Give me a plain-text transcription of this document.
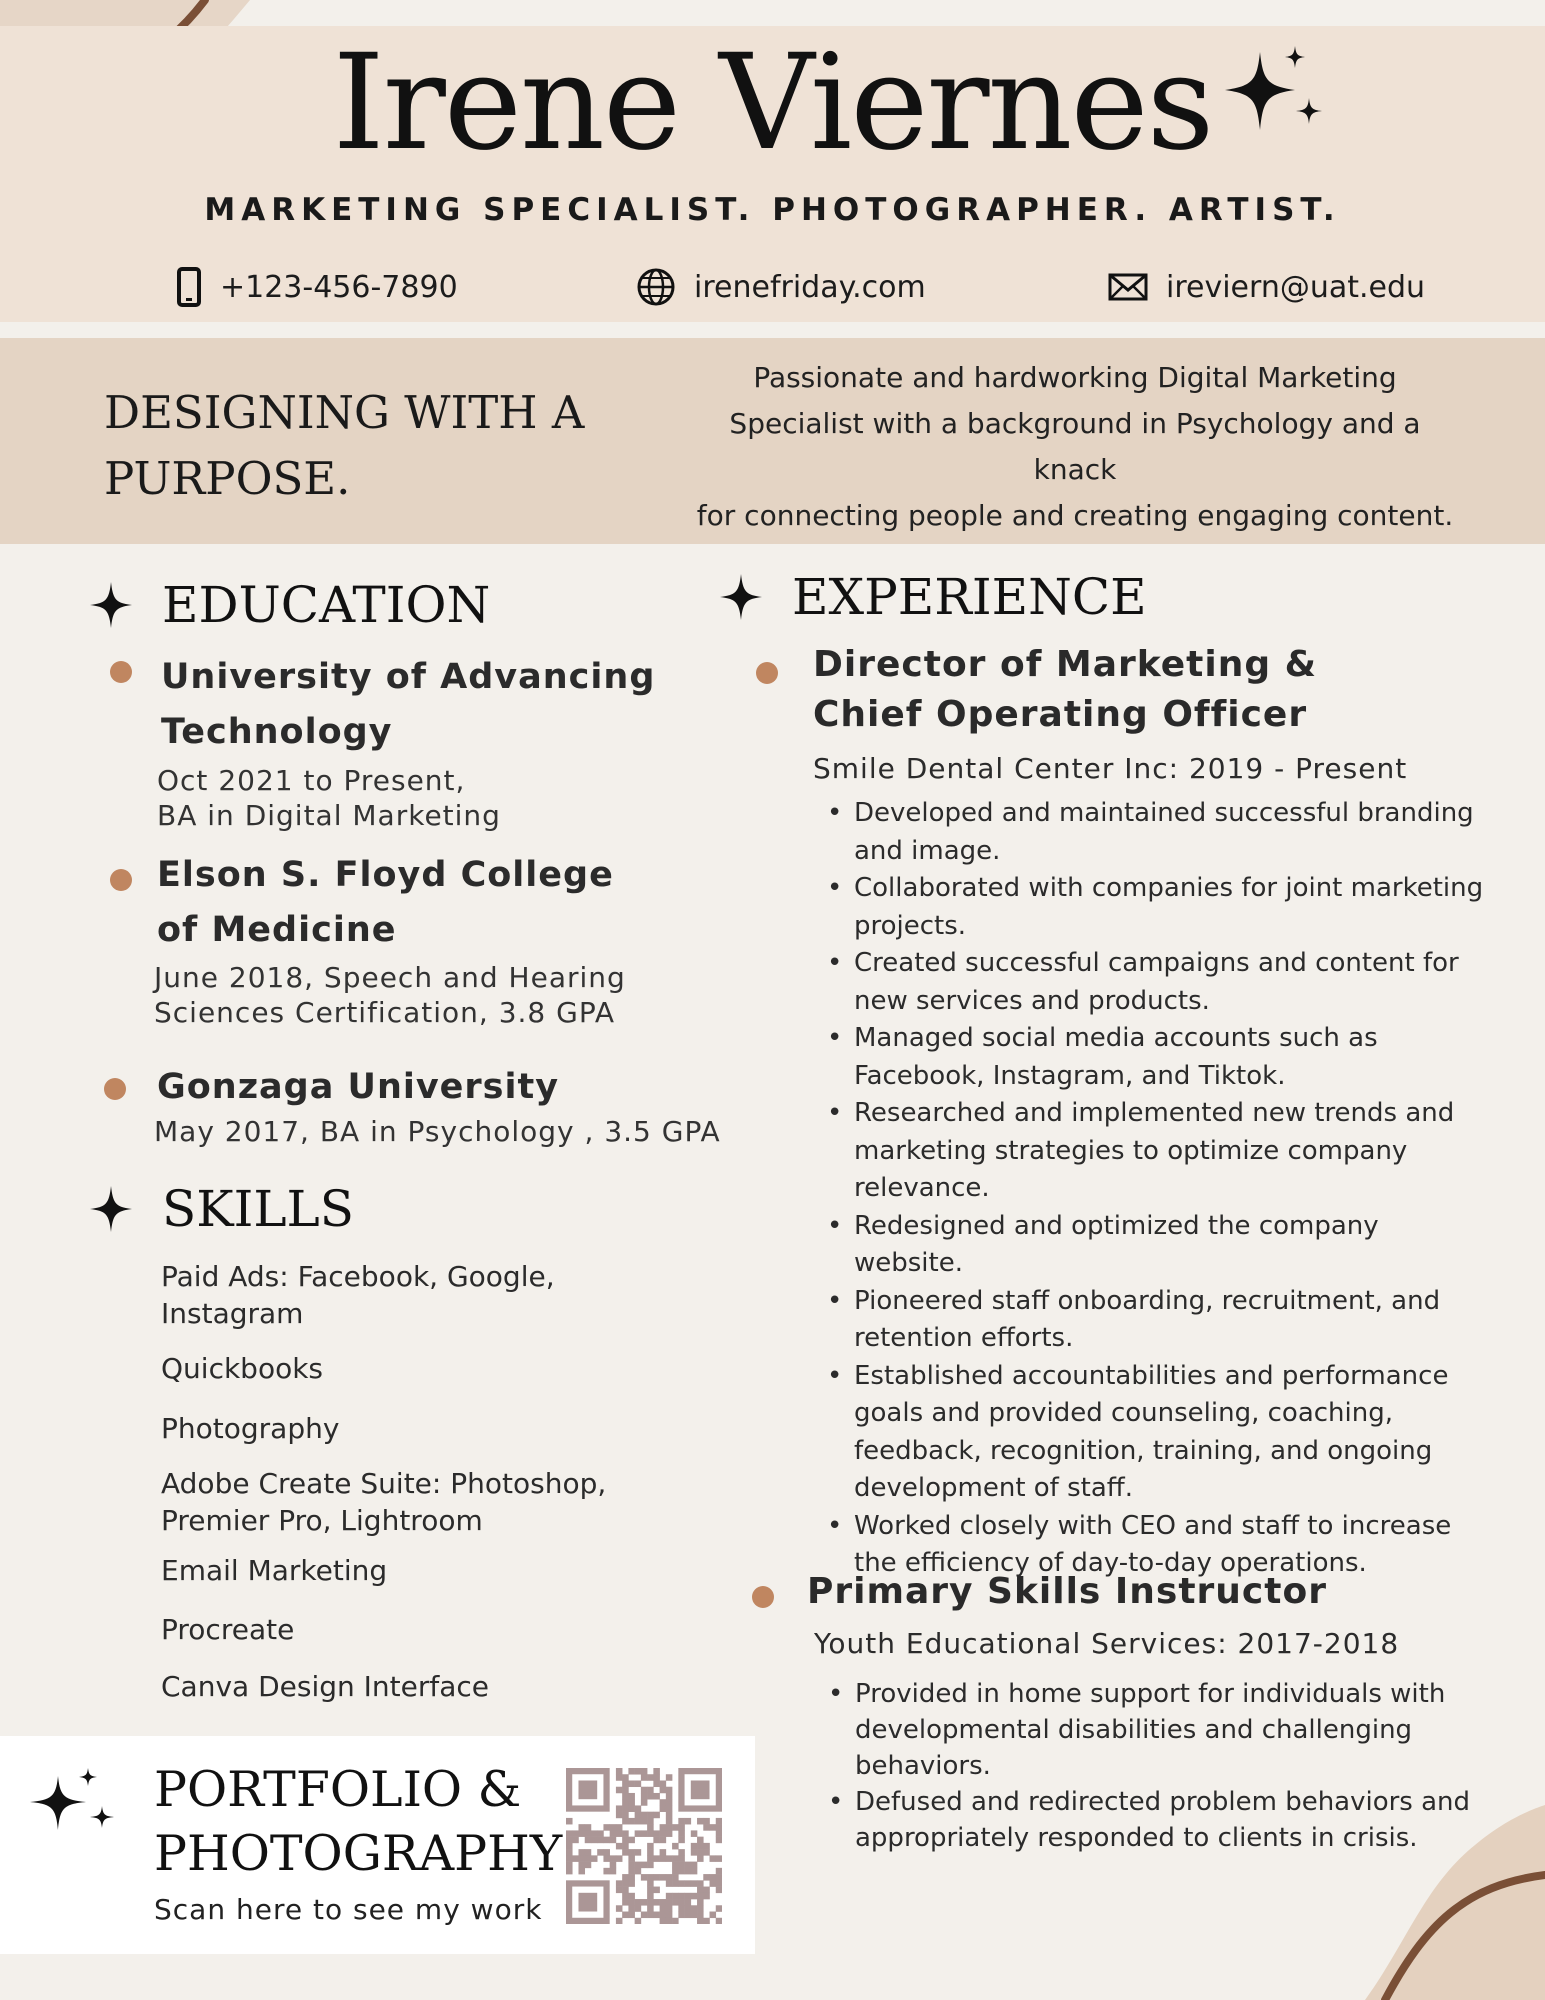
Irene Viernes
MARKETING SPECIALIST. PHOTOGRAPHER. ARTIST.
+123-456-7890	irenefriday.com	ireviern@uat.edu
DESIGNING WITH A
PURPOSE.
Passionate and hardworking Digital Marketing
Specialist with a background in Psychology and a knack
for connecting people and creating engaging content.
EDUCATION
University of Advancing
Technology
Oct 2021 to Present,
BA in Digital Marketing
Elson S. Floyd College
of Medicine
June 2018, Speech and Hearing
Sciences Certification, 3.8 GPA
Gonzaga University
May 2017, BA in Psychology , 3.5 GPA
SKILLS
Paid Ads: Facebook, Google, Instagram
Quickbooks
Photography
Adobe Create Suite: Photoshop, Premier Pro, Lightroom
Email Marketing
Procreate
Canva Design Interface
EXPERIENCE
Director of Marketing &
Chief Operating Officer
Smile Dental Center Inc: 2019 - Present
• Developed and maintained successful branding and image.
• Collaborated with companies for joint marketing projects.
• Created successful campaigns and content for new services and products.
• Managed social media accounts such as Facebook, Instagram, and Tiktok.
• Researched and implemented new trends and marketing strategies to optimize company relevance.
• Redesigned and optimized the company website.
• Pioneered staff onboarding, recruitment, and retention efforts.
• Established accountabilities and performance goals and provided counseling, coaching, feedback, recognition, training, and ongoing development of staff.
• Worked closely with CEO and staff to increase the efficiency of day-to-day operations.
Primary Skills Instructor
Youth Educational Services: 2017-2018
• Provided in home support for individuals with developmental disabilities and challenging behaviors.
• Defused and redirected problem behaviors and appropriately responded to clients in crisis.
PORTFOLIO &
PHOTOGRAPHY
Scan here to see my work
